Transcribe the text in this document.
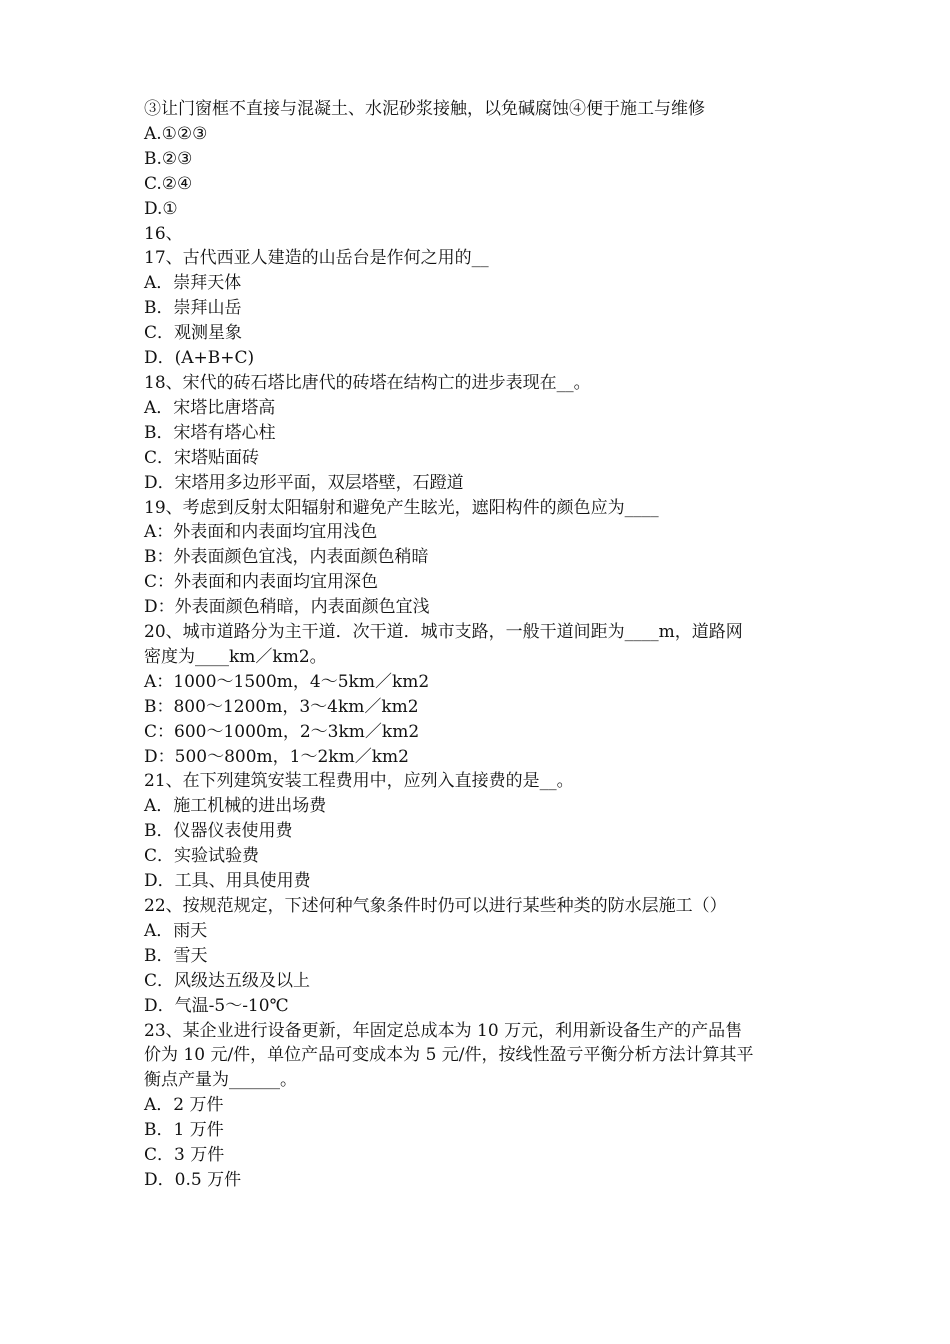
③让门窗框不直接与混凝土、水泥砂浆接触，以免碱腐蚀④便于施工与维修

A.①②③

B.②③

C.②④

D.①

16、

17、古代西亚人建造的山岳台是作何之用的__

A．崇拜天体

B．崇拜山岳

C．观测星象

D．(A+B+C)

18、宋代的砖石塔比唐代的砖塔在结构亡的进步表现在__。

A．宋塔比唐塔高

B．宋塔有塔心柱

C．宋塔贴面砖

D．宋塔用多边形平面，双层塔壁，石蹬道

19、考虑到反射太阳辐射和避免产生眩光，遮阳构件的颜色应为____

A：外表面和内表面均宜用浅色

B：外表面颜色宜浅，内表面颜色稍暗

C：外表面和内表面均宜用深色

D：外表面颜色稍暗，内表面颜色宜浅

20、城市道路分为主干道．次干道．城市支路，一般干道间距为____m，道路网

密度为____km／km2。

A：1000～1500m，4～5km／km2

B：800～1200m，3～4km／km2

C：600～1000m，2～3km／km2

D：500～800m，1～2km／km2

21、在下列建筑安装工程费用中，应列入直接费的是__。

A．施工机械的进出场费

B．仪器仪表使用费

C．实验试验费

D．工具、用具使用费

22、按规范规定，下述何种气象条件时仍可以进行某些种类的防水层施工（）

A．雨天

B．雪天

C．风级达五级及以上

D．气温-5～-10℃

23、某企业进行设备更新，年固定总成本为 10 万元，利用新设备生产的产品售

价为 10 元/件，单位产品可变成本为 5 元/件，按线性盈亏平衡分析方法计算其平

衡点产量为______。

A．2 万件

B．1 万件

C．3 万件

D．0.5 万件
